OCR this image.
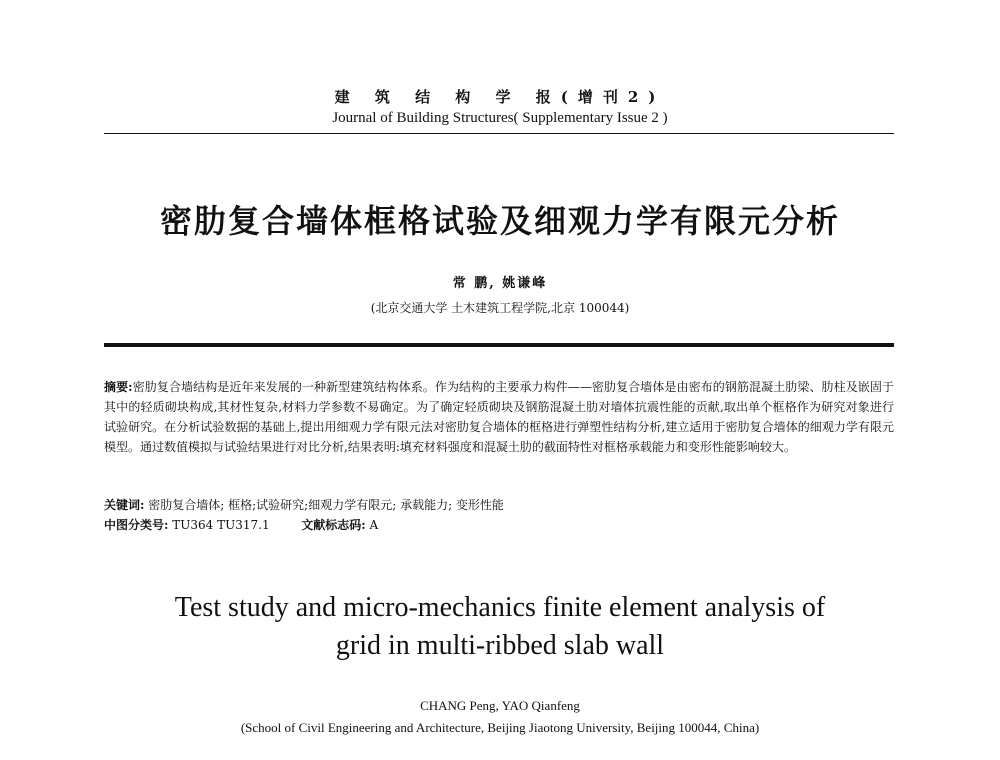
建 筑 结 构 学 报(增刊2)
Journal of Building Structures( Supplementary Issue 2 )
密肋复合墙体框格试验及细观力学有限元分析
常 鹏, 姚谦峰
(北京交通大学 土木建筑工程学院,北京 100044)
摘要:密肋复合墙结构是近年来发展的一种新型建筑结构体系。作为结构的主要承力构件——密肋复合墙体是由密布的钢筋混凝土肋梁、肋柱及嵌固于其中的轻质砌块构成,其材性复杂,材料力学参数不易确定。为了确定轻质砌块及钢筋混凝土肋对墙体抗震性能的贡献,取出单个框格作为研究对象进行试验研究。在分析试验数据的基础上,提出用细观力学有限元法对密肋复合墙体的框格进行弹塑性结构分析,建立适用于密肋复合墙体的细观力学有限元模型。通过数值模拟与试验结果进行对比分析,结果表明:填充材料强度和混凝土肋的截面特性对框格承载能力和变形性能影响较大。
关键词: 密肋复合墙体; 框格;试验研究;细观力学有限元; 承载能力; 变形性能
中图分类号: TU364 TU317.1	文献标志码: A
Test study and micro-mechanics finite element analysis of
grid in multi-ribbed slab wall
CHANG Peng, YAO Qianfeng
(School of Civil Engineering and Architecture, Beijing Jiaotong University, Beijing 100044, China)
